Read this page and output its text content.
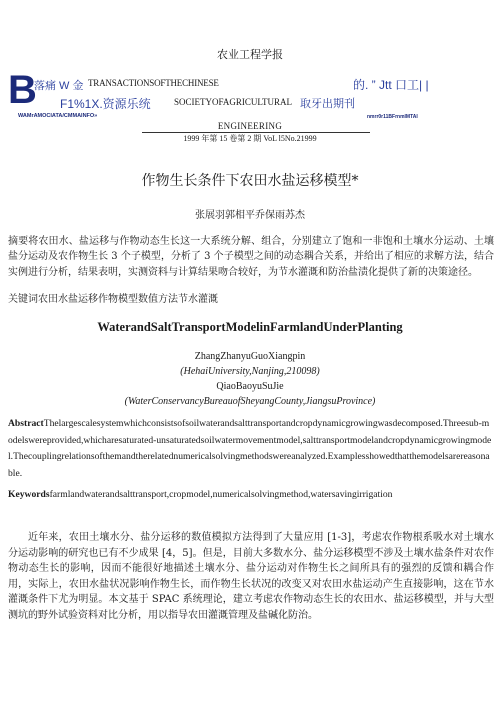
农业工程学报
B
落痛 W 金 TRANSACTIONSOFTHECHINESE	的. ” Jtt 口工| |
F1%1X.资源乐统	SOCIETYOFAGRICULTURAL 取牙出期刊
WAMrAMOCIATA/CMMAINFO»	nmrr0r11BFrnmlMTAI
ENGINEERING
1999 年第 15 卷第 2 期 VoL l5No.21999
作物生长条件下农田水盐运移模型*
张展羽郭相平乔保雨苏杰
摘要将农田水、盐运移与作物动态生长这一大系统分解、组合，分别建立了饱和一非饱和土壤水分运动、土壤盐分运动及农作物生长 3 个子模型，分析了 3 个子模型之间的动态耦合关系，并给出了相应的求解方法，结合实例进行分析，结果表明，实测资料与计算结果吻合较好，为节水灌溉和防治盐渍化提供了新的决策途径。
关键词农田水盐运移作物模型数值方法节水灌溉
WaterandSaltTransportModelinFarmlandUnderPlanting
ZhangZhanyuGuoXiangpin
(HehaiUniversity,Nanjing,210098)
QiaoBaoyuSuJie
(WaterConservancyBureauofSheyangCounty,JiangsuProvince)
AbstractThelargescalesystemwhichconsistsofsoilwaterandsalttransportandcropdynamicgrowingwasdecomposed.Threesub-modelswereprovided,whicharesaturated-unsaturatedsoilwatermovementmodel,salttransportmodelandcropdynamicgrowingmodel.Thecouplingrelationsofthemandtherelatednumericalsolvingmethodswereanalyzed.Examplesshowedthatthemodelsarereasonable.
Keywordsfarmlandwaterandsalttransport,cropmodel,numericalsolvingmethod,watersavingirrigation
近年来，农田土壤水分、盐分运移的数值模拟方法得到了大量应用 [1-3]，考虑农作物根系吸水对土壤水分运动影响的研究也已有不少成果 [4，5]。但是，目前大多数水分、盐分运移模型不涉及土壤水盐条件对农作物动态生长的影响，因而不能很好地描述土壤水分、盐分运动对作物生长之间所具有的强烈的反馈和耦合作用，实际上，农田水盐状况影响作物生长，而作物生长状况的改变又对农田水盐运动产生直接影响，这在节水灌溉条件下尤为明显。本文基于 SPAC 系统理论，建立考虑农作物动态生长的农田水、盐运移模型，并与大型测坑的野外试验资料对比分析，用以指导农田灌溉管理及盐碱化防治。
